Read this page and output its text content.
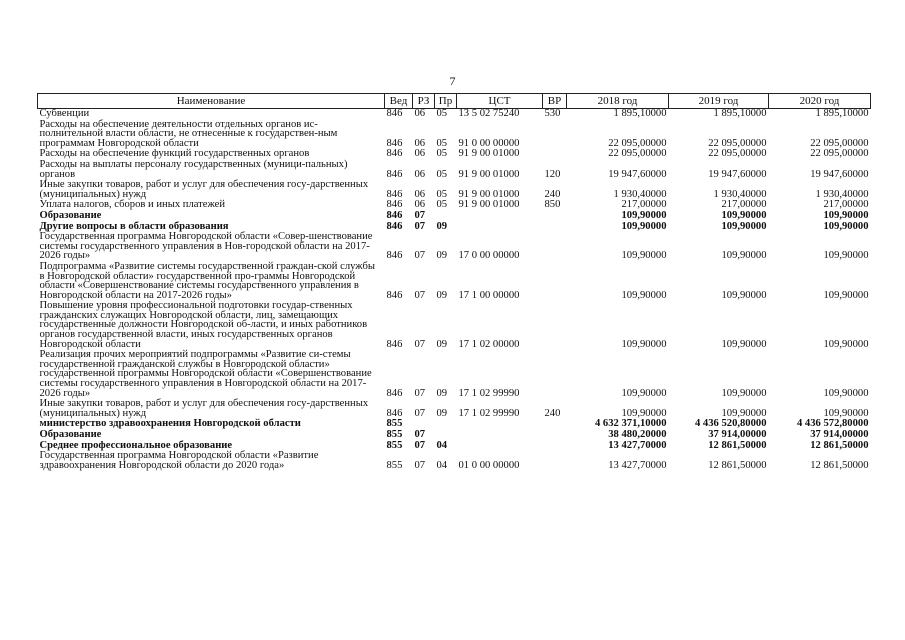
7
Наименование	Вед	РЗ	Пр	ЦСТ	ВР	2018 год	2019 год	2020 год
Субвенции	846	06	05	13 5 02 75240	530	1 895,10000	1 895,10000	1 895,10000
Расходы на обеспечение деятельности отдельных органов ис-полнительной власти области, не отнесенные к государствен-ным программам Новгородской области	846	06	05	91 0 00 00000		22 095,00000	22 095,00000	22 095,00000
Расходы на обеспечение функций государственных органов	846	06	05	91 9 00 01000		22 095,00000	22 095,00000	22 095,00000
Расходы на выплаты персоналу государственных (муници-пальных) органов	846	06	05	91 9 00 01000	120	19 947,60000	19 947,60000	19 947,60000
Иные закупки товаров, работ и услуг для обеспечения госу-дарственных (муниципальных) нужд	846	06	05	91 9 00 01000	240	1 930,40000	1 930,40000	1 930,40000
Уплата налогов, сборов и иных платежей	846	06	05	91 9 00 01000	850	217,00000	217,00000	217,00000
Образование	846	07				109,90000	109,90000	109,90000
Другие вопросы в области образования	846	07	09			109,90000	109,90000	109,90000
Государственная программа Новгородской области «Совер-шенствование системы государственного управления в Нов-городской области на 2017-2026 годы»	846	07	09	17 0 00 00000		109,90000	109,90000	109,90000
Подпрограмма «Развитие системы государственной граждан-ской службы в Новгородской области» государственной про-граммы Новгородской области «Совершенствование системы государственного управления в Новгородской области на 2017-2026 годы»	846	07	09	17 1 00 00000		109,90000	109,90000	109,90000
Повышение уровня профессиональной подготовки государ-ственных гражданских служащих Новгородской области, лиц, замещающих государственные должности Новгородской об-ласти, и иных работников органов государственной власти, иных государственных органов Новгородской области	846	07	09	17 1 02 00000		109,90000	109,90000	109,90000
Реализация прочих мероприятий подпрограммы «Развитие си-стемы государственной гражданской службы в Новгородской области» государственной программы Новгородской области «Совершенствование системы государственного управления в Новгородской области на 2017-2026 годы»	846	07	09	17 1 02 99990		109,90000	109,90000	109,90000
Иные закупки товаров, работ и услуг для обеспечения госу-дарственных (муниципальных) нужд	846	07	09	17 1 02 99990	240	109,90000	109,90000	109,90000
министерство здравоохранения Новгородской области	855					4 632 371,10000	4 436 520,80000	4 436 572,80000
Образование	855	07				38 480,20000	37 914,00000	37 914,00000
Среднее профессиональное образование	855	07	04			13 427,70000	12 861,50000	12 861,50000
Государственная программа Новгородской области «Развитие здравоохранения Новгородской области до 2020 года»	855	07	04	01 0 00 00000		13 427,70000	12 861,50000	12 861,50000
